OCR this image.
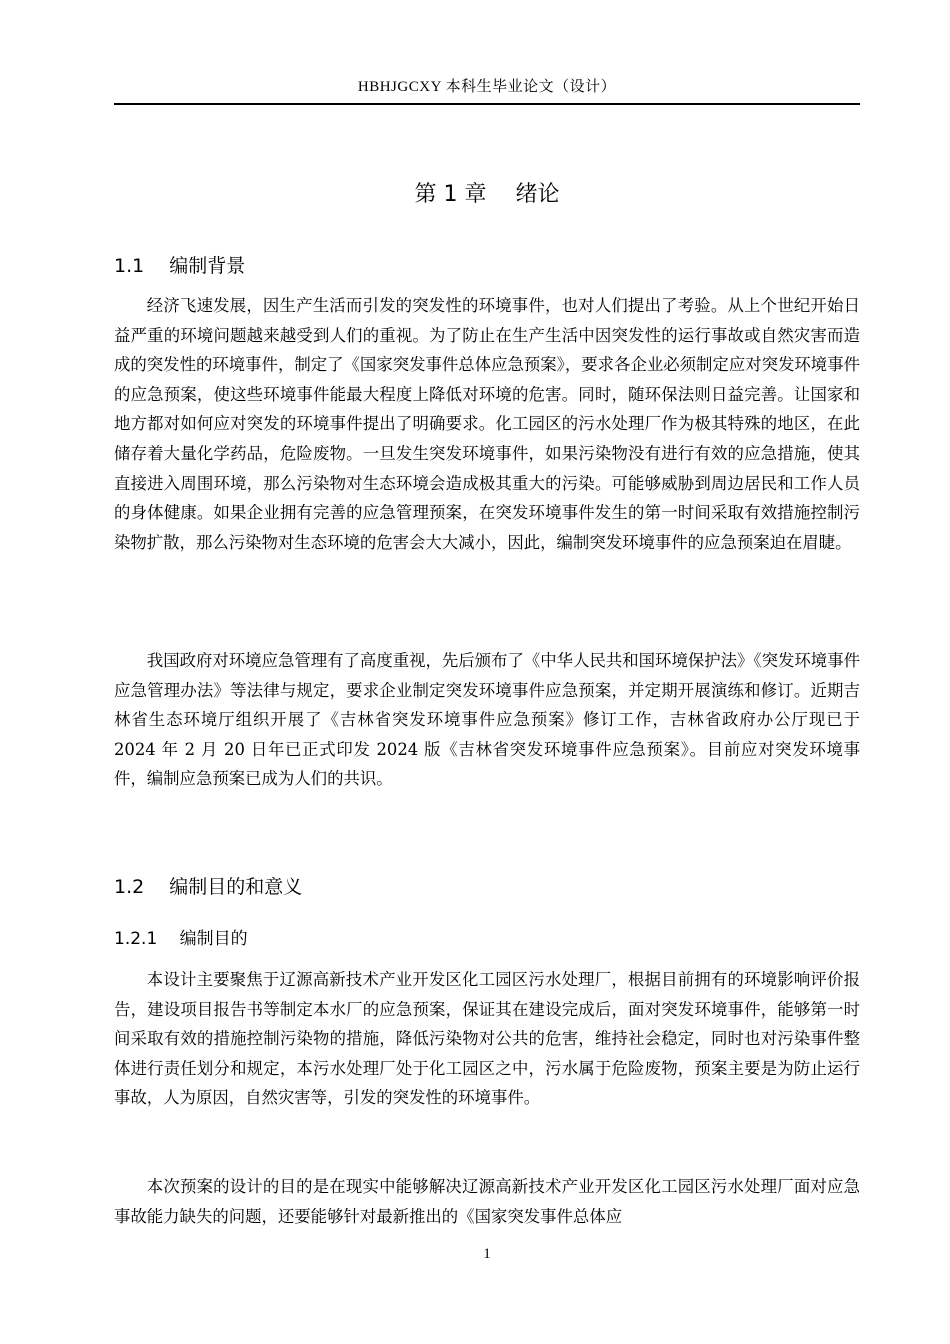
HBHJGCXY 本科生毕业论文（设计）
第 1 章　 绪论
1.1　 编制背景

经济飞速发展，因生产生活而引发的突发性的环境事件，也对人们提出了考验。从上个世纪开始日益严重的环境问题越来越受到人们的重视。为了防止在生产生活中因突发性的运行事故或自然灾害而造成的突发性的环境事件，制定了《国家突发事件总体应急预案》，要求各企业必须制定应对突发环境事件的应急预案，使这些环境事件能最大程度上降低对环境的危害。同时，随环保法则日益完善。让国家和地方都对如何应对突发的环境事件提出了明确要求。化工园区的污水处理厂作为极其特殊的地区，在此储存着大量化学药品，危险废物。一旦发生突发环境事件，如果污染物没有进行有效的应急措施，使其直接进入周围环境，那么污染物对生态环境会造成极其重大的污染。可能够威胁到周边居民和工作人员的身体健康。如果企业拥有完善的应急管理预案，在突发环境事件发生的第一时间采取有效措施控制污染物扩散，那么污染物对生态环境的危害会大大减小，因此，编制突发环境事件的应急预案迫在眉睫。

我国政府对环境应急管理有了高度重视，先后颁布了《中华人民共和国环境保护法》《突发环境事件应急管理办法》等法律与规定，要求企业制定突发环境事件应急预案，并定期开展演练和修订。近期吉林省生态环境厅组织开展了《吉林省突发环境事件应急预案》修订工作，吉林省政府办公厅现已于 2024 年 2 月 20 日年已正式印发 2024 版《吉林省突发环境事件应急预案》。目前应对突发环境事件，编制应急预案已成为人们的共识。

1.2　 编制目的和意义
1.2.1　 编制目的

本设计主要聚焦于辽源高新技术产业开发区化工园区污水处理厂，根据目前拥有的环境影响评价报告，建设项目报告书等制定本水厂的应急预案，保证其在建设完成后，面对突发环境事件，能够第一时间采取有效的措施控制污染物的措施，降低污染物对公共的危害，维持社会稳定，同时也对污染事件整体进行责任划分和规定，本污水处理厂处于化工园区之中，污水属于危险废物，预案主要是为防止运行事故，人为原因，自然灾害等，引发的突发性的环境事件。

本次预案的设计的目的是在现实中能够解决辽源高新技术产业开发区化工园区污水处理厂面对应急事故能力缺失的问题，还要能够针对最新推出的《国家突发事件总体应

1
